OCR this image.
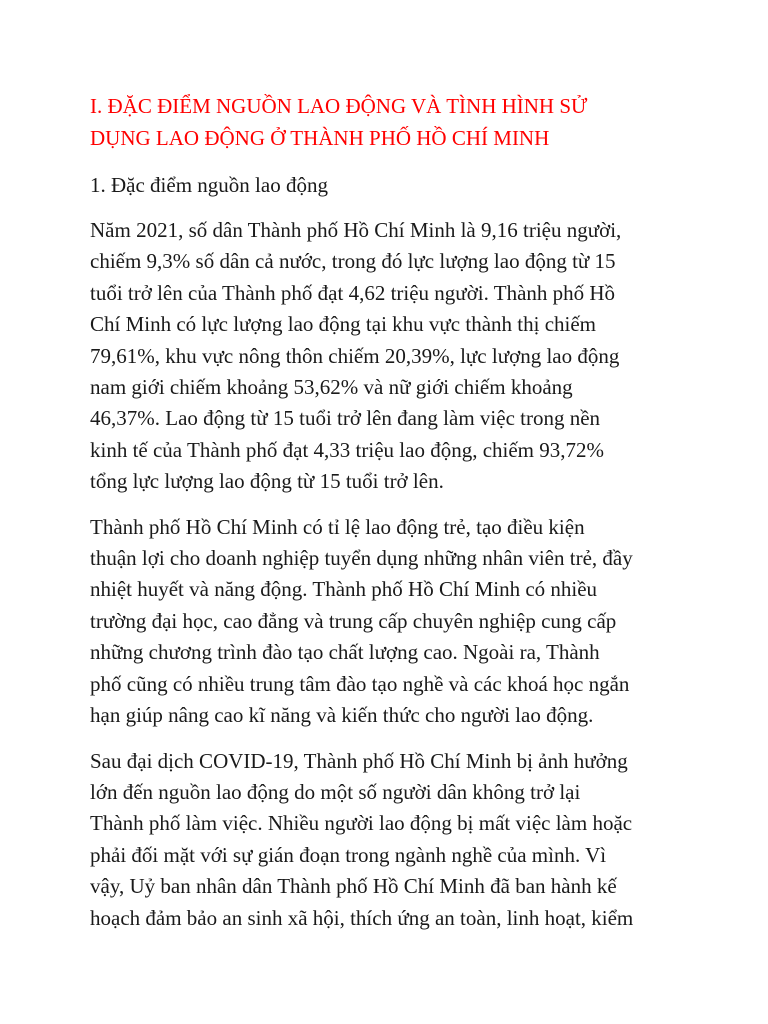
I. ĐẶC ĐIỂM NGUỒN LAO ĐỘNG VÀ TÌNH HÌNH SỬ
DỤNG LAO ĐỘNG Ở THÀNH PHỐ HỒ CHÍ MINH
1. Đặc điểm nguồn lao động

Năm 2021, số dân Thành phố Hồ Chí Minh là 9,16 triệu người,
chiếm 9,3% số dân cả nước, trong đó lực lượng lao động từ 15
tuổi trở lên của Thành phố đạt 4,62 triệu người. Thành phố Hồ
Chí Minh có lực lượng lao động tại khu vực thành thị chiếm
79,61%, khu vực nông thôn chiếm 20,39%, lực lượng lao động
nam giới chiếm khoảng 53,62% và nữ giới chiếm khoảng
46,37%. Lao động từ 15 tuổi trở lên đang làm việc trong nền
kinh tế của Thành phố đạt 4,33 triệu lao động, chiếm 93,72%
tổng lực lượng lao động từ 15 tuổi trở lên.

Thành phố Hồ Chí Minh có tỉ lệ lao động trẻ, tạo điều kiện
thuận lợi cho doanh nghiệp tuyển dụng những nhân viên trẻ, đầy
nhiệt huyết và năng động. Thành phố Hồ Chí Minh có nhiều
trường đại học, cao đẳng và trung cấp chuyên nghiệp cung cấp
những chương trình đào tạo chất lượng cao. Ngoài ra, Thành
phố cũng có nhiều trung tâm đào tạo nghề và các khoá học ngắn
hạn giúp nâng cao kĩ năng và kiến thức cho người lao động.

Sau đại dịch COVID-19, Thành phố Hồ Chí Minh bị ảnh hưởng
lớn đến nguồn lao động do một số người dân không trở lại
Thành phố làm việc. Nhiều người lao động bị mất việc làm hoặc
phải đối mặt với sự gián đoạn trong ngành nghề của mình. Vì
vậy, Uỷ ban nhân dân Thành phố Hồ Chí Minh đã ban hành kế
hoạch đảm bảo an sinh xã hội, thích ứng an toàn, linh hoạt, kiểm
